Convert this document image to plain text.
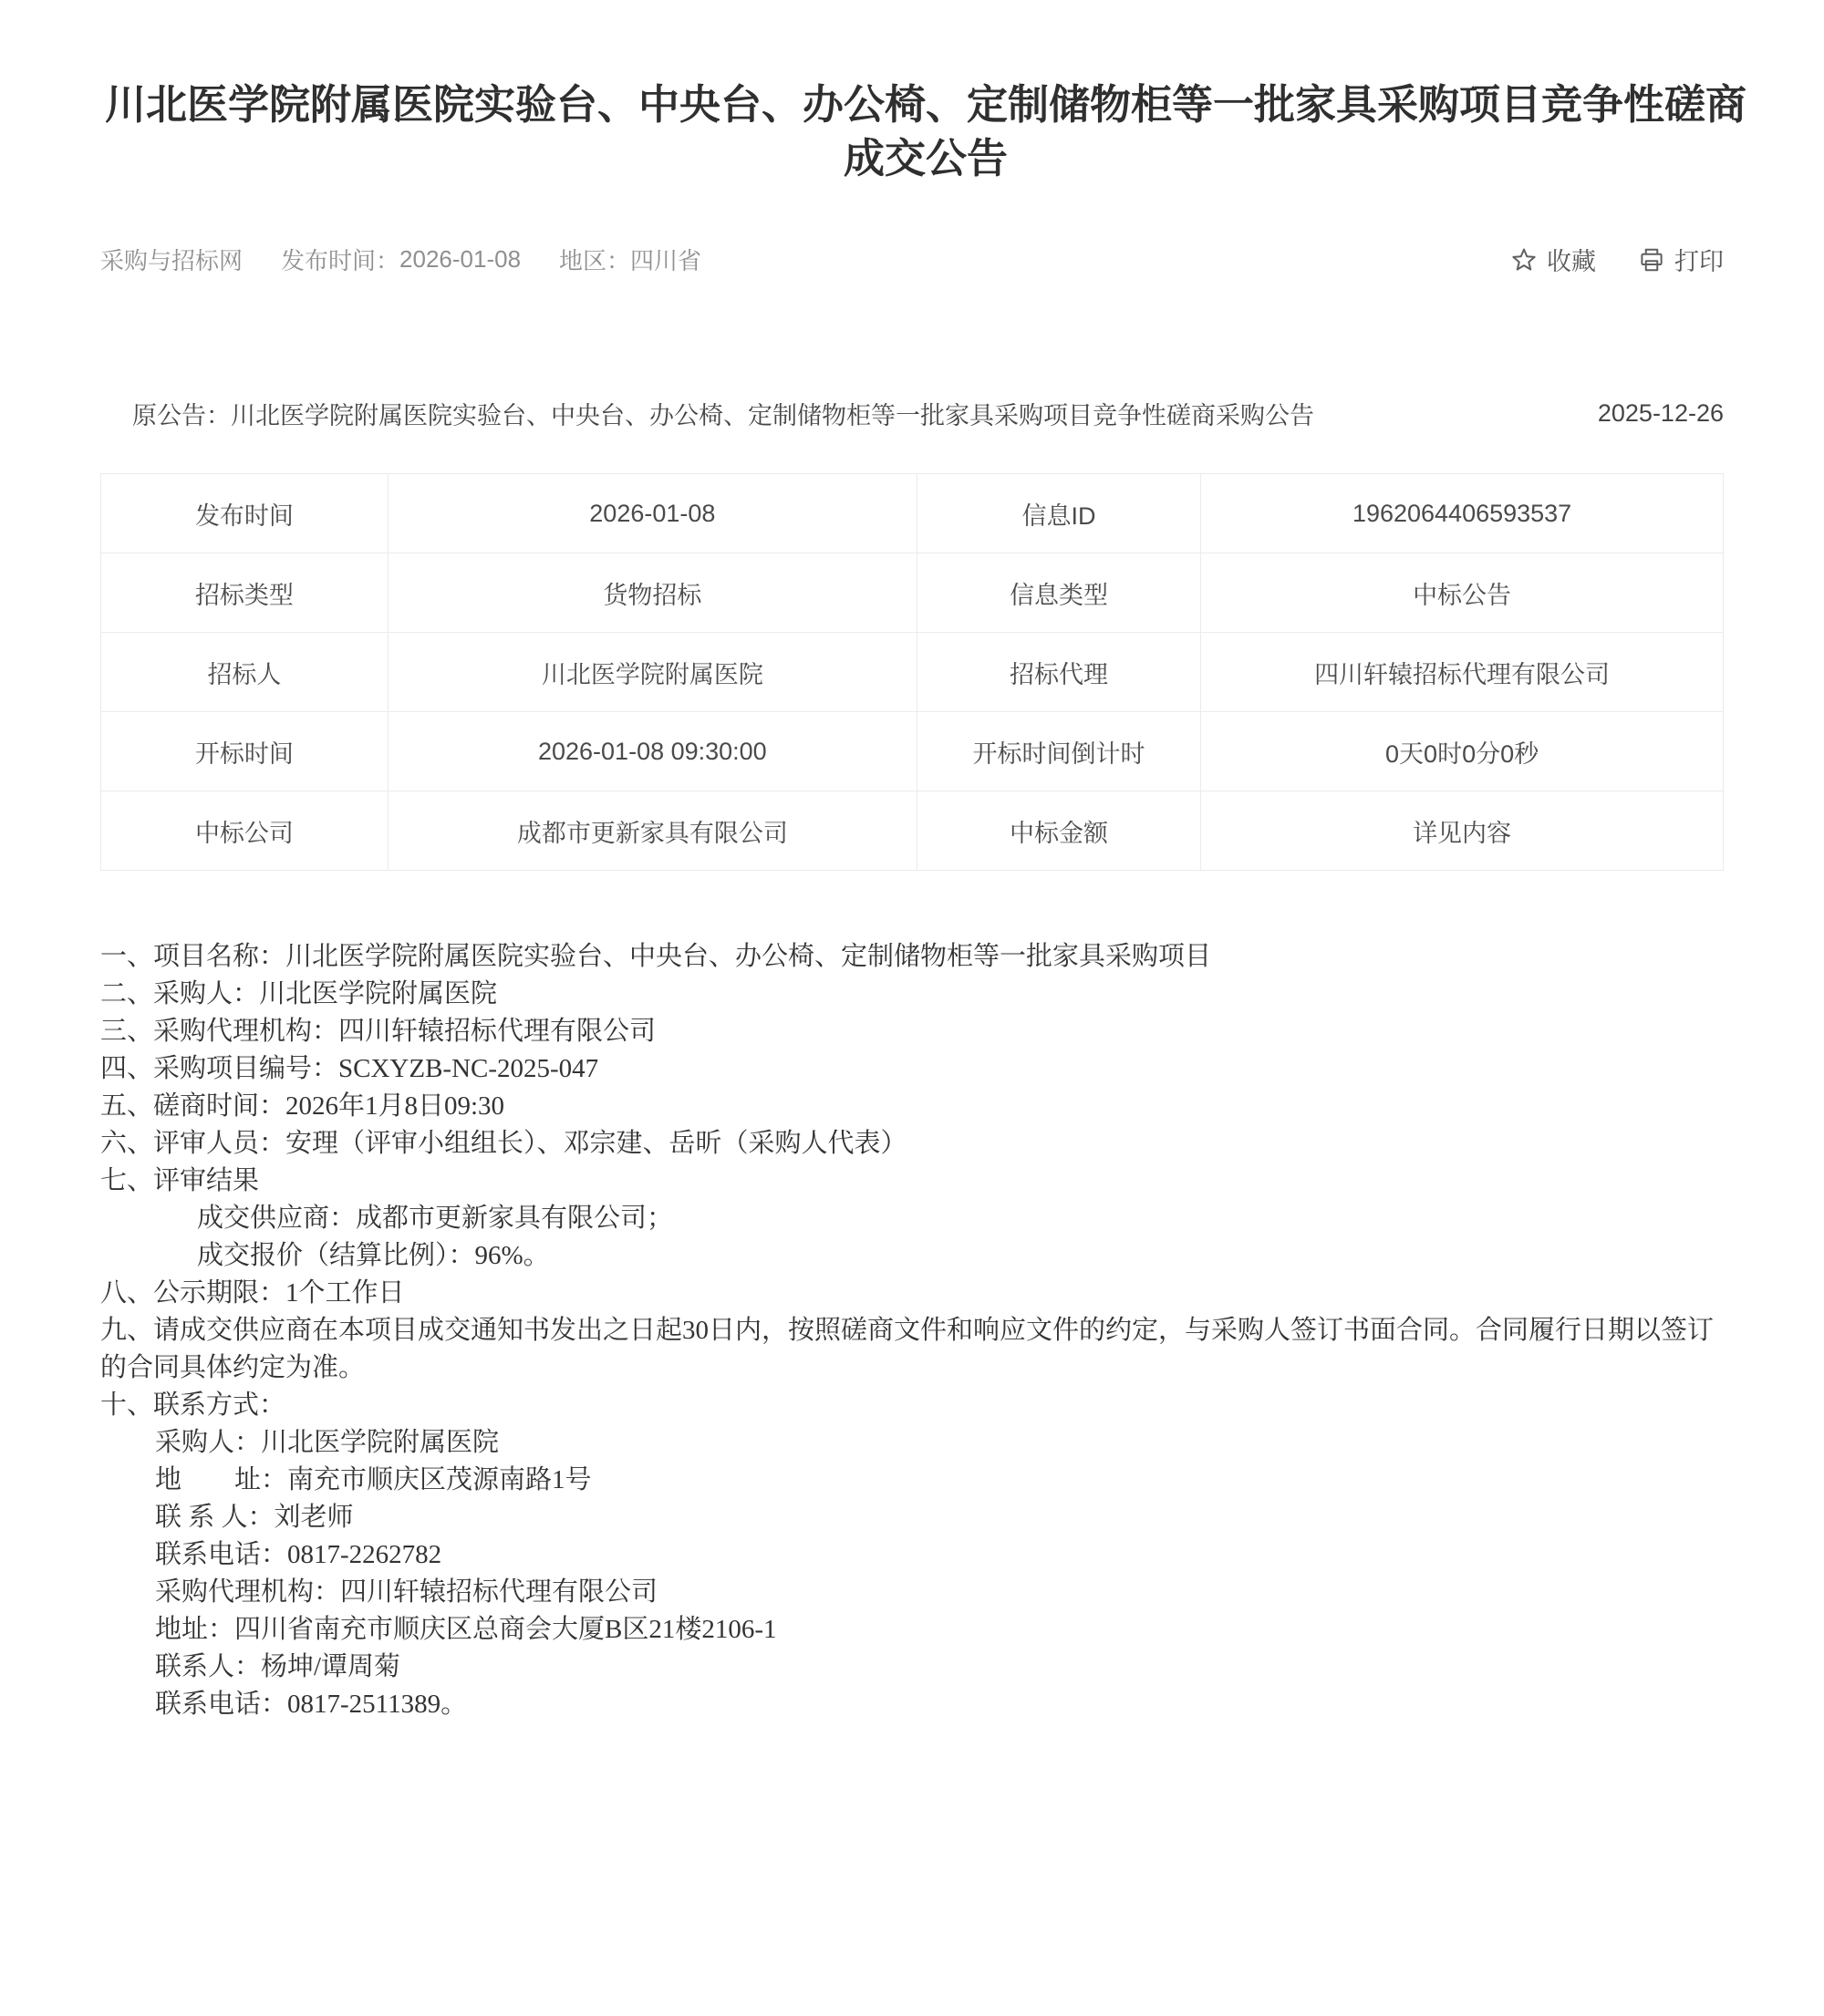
川北医学院附属医院实验台、中央台、办公椅、定制储物柜等一批家具采购项目竞争性磋商成交公告
采购与招标网 发布时间： 2026-01-08 地区： 四川省	收藏	打印
原公告：川北医学院附属医院实验台、中央台、办公椅、定制储物柜等一批家具采购项目竞争性磋商采购公告	2025-12-26
发布时间	2026-01-08	信息ID	1962064406593537
招标类型	货物招标	信息类型	中标公告
招标人	川北医学院附属医院	招标代理	四川轩辕招标代理有限公司
开标时间	2026-01-08 09:30:00	开标时间倒计时	0天0时0分0秒
中标公司	成都市更新家具有限公司	中标金额	详见内容

一、项目名称：川北医学院附属医院实验台、中央台、办公椅、定制储物柜等一批家具采购项目

二、采购人：川北医学院附属医院

三、采购代理机构：四川轩辕招标代理有限公司

四、采购项目编号：SCXYZB-NC-2025-047

五、磋商时间：2026年1月8日09:30

六、评审人员：安理（评审小组组长）、邓宗建、岳昕（采购人代表）

七、评审结果

成交供应商：成都市更新家具有限公司；

成交报价（结算比例）：96%。

八、公示期限：1个工作日

九、请成交供应商在本项目成交通知书发出之日起30日内，按照磋商文件和响应文件的约定，与采购人签订书面合同。合同履行日期以签订的合同具体约定为准。

十、联系方式：

采购人：川北医学院附属医院

地　　址：南充市顺庆区茂源南路1号

联 系 人：刘老师

联系电话：0817-2262782

采购代理机构：四川轩辕招标代理有限公司

地址：四川省南充市顺庆区总商会大厦B区21楼2106-1

联系人：杨坤/谭周菊

联系电话：0817-2511389。
